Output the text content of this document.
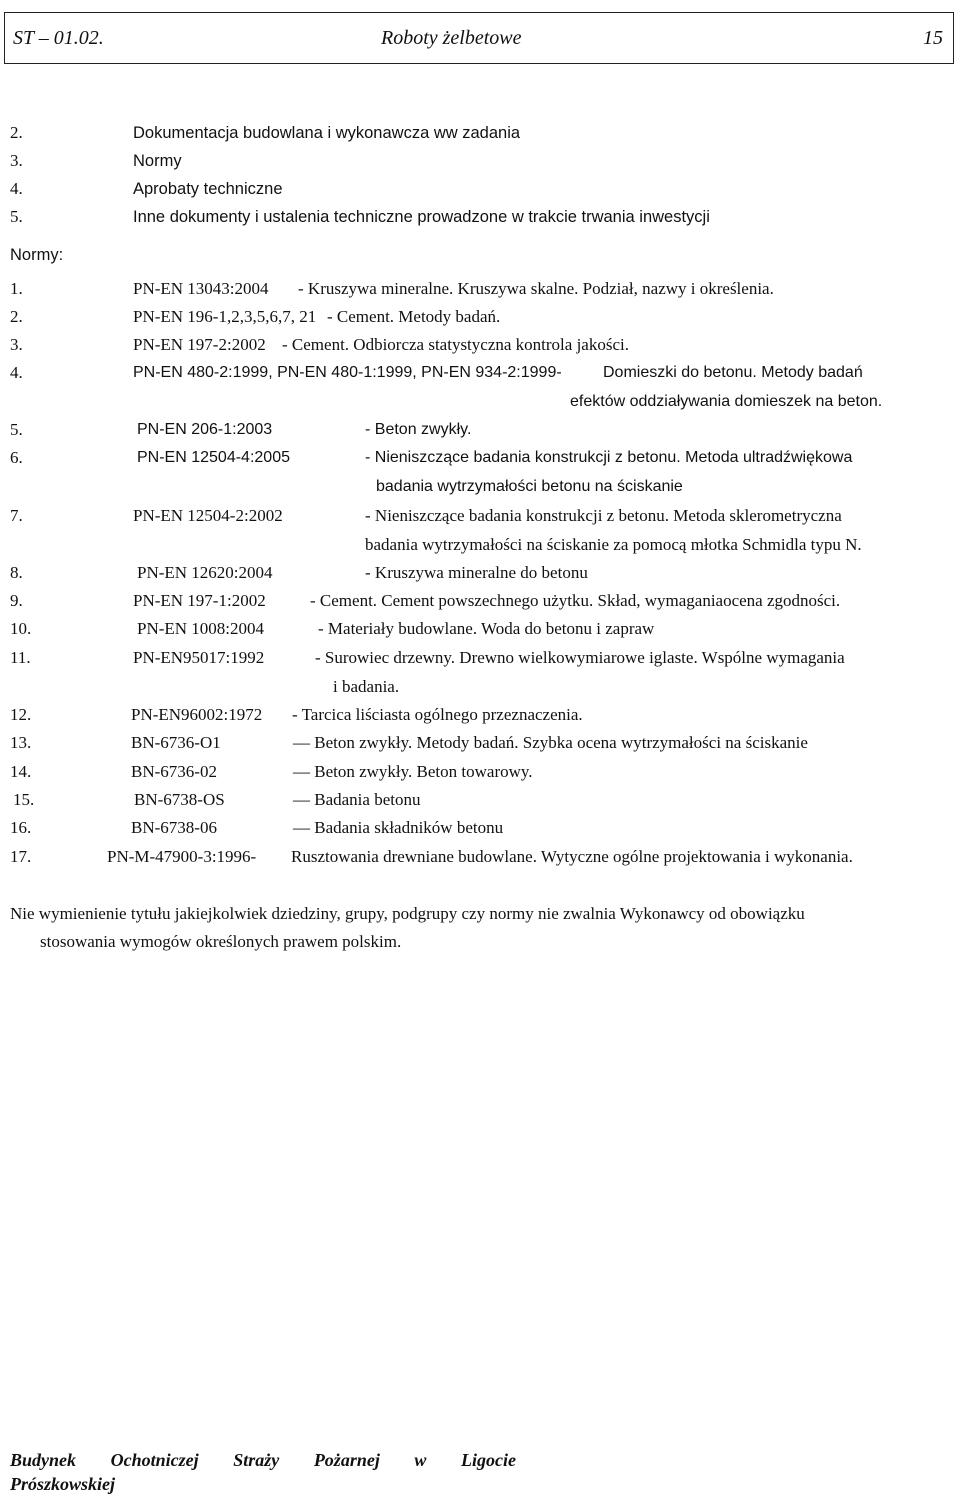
ST – 01.02.	Roboty żelbetowe	15
2.	Dokumentacja budowlana i wykonawcza ww zadania
3.	Normy
4.	Aprobaty techniczne
5.	Inne dokumenty i ustalenia techniczne prowadzone w trakcie trwania inwestycji
Normy:
1.	PN-EN 13043:2004 - Kruszywa mineralne. Kruszywa skalne. Podział, nazwy i określenia.
2.	PN-EN 196-1,2,3,5,6,7, 21 - Cement. Metody badań.
3.	PN-EN 197-2:2002 - Cement. Odbiorcza statystyczna kontrola jakości.
4.	PN-EN 480-2:1999, PN-EN 480-1:1999, PN-EN 934-2:1999-	Domieszki do betonu. Metody badań
efektów oddziaływania domieszek na beton.
5.	PN-EN 206-1:2003	- Beton zwykły.
6.	PN-EN 12504-4:2005	- Nieniszczące badania konstrukcji z betonu. Metoda ultradźwiękowa
badania wytrzymałości betonu na ściskanie
7.	PN-EN 12504-2:2002	- Nieniszczące badania konstrukcji z betonu. Metoda sklerometryczna
badania wytrzymałości na ściskanie za pomocą młotka Schmidla typu N.
8.	PN-EN 12620:2004	- Kruszywa mineralne do betonu
9.	PN-EN 197-1:2002	- Cement. Cement powszechnego użytku. Skład, wymaganiaocena zgodności.
10.	PN-EN 1008:2004	- Materiały budowlane. Woda do betonu i zapraw
11.	PN-EN95017:1992	- Surowiec drzewny. Drewno wielkowymiarowe iglaste. Wspólne wymagania
i badania.
12.	PN-EN96002:1972 - Tarcica liściasta ogólnego przeznaczenia.
13.	BN-6736-O1	— Beton zwykły. Metody badań. Szybka ocena wytrzymałości na ściskanie
14.	BN-6736-02	— Beton zwykły. Beton towarowy.
15.	BN-6738-OS	— Badania betonu
16.	BN-6738-06	— Badania składników betonu
17.	PN-M-47900-3:1996- Rusztowania drewniane budowlane. Wytyczne ogólne projektowania i wykonania.
Nie wymienienie tytułu jakiejkolwiek dziedziny, grupy, podgrupy czy normy nie zwalnia Wykonawcy od obowiązku
stosowania wymogów określonych prawem polskim.
Budynek Ochotniczej Straży Pożarnej w Ligocie
Prószkowskiej
